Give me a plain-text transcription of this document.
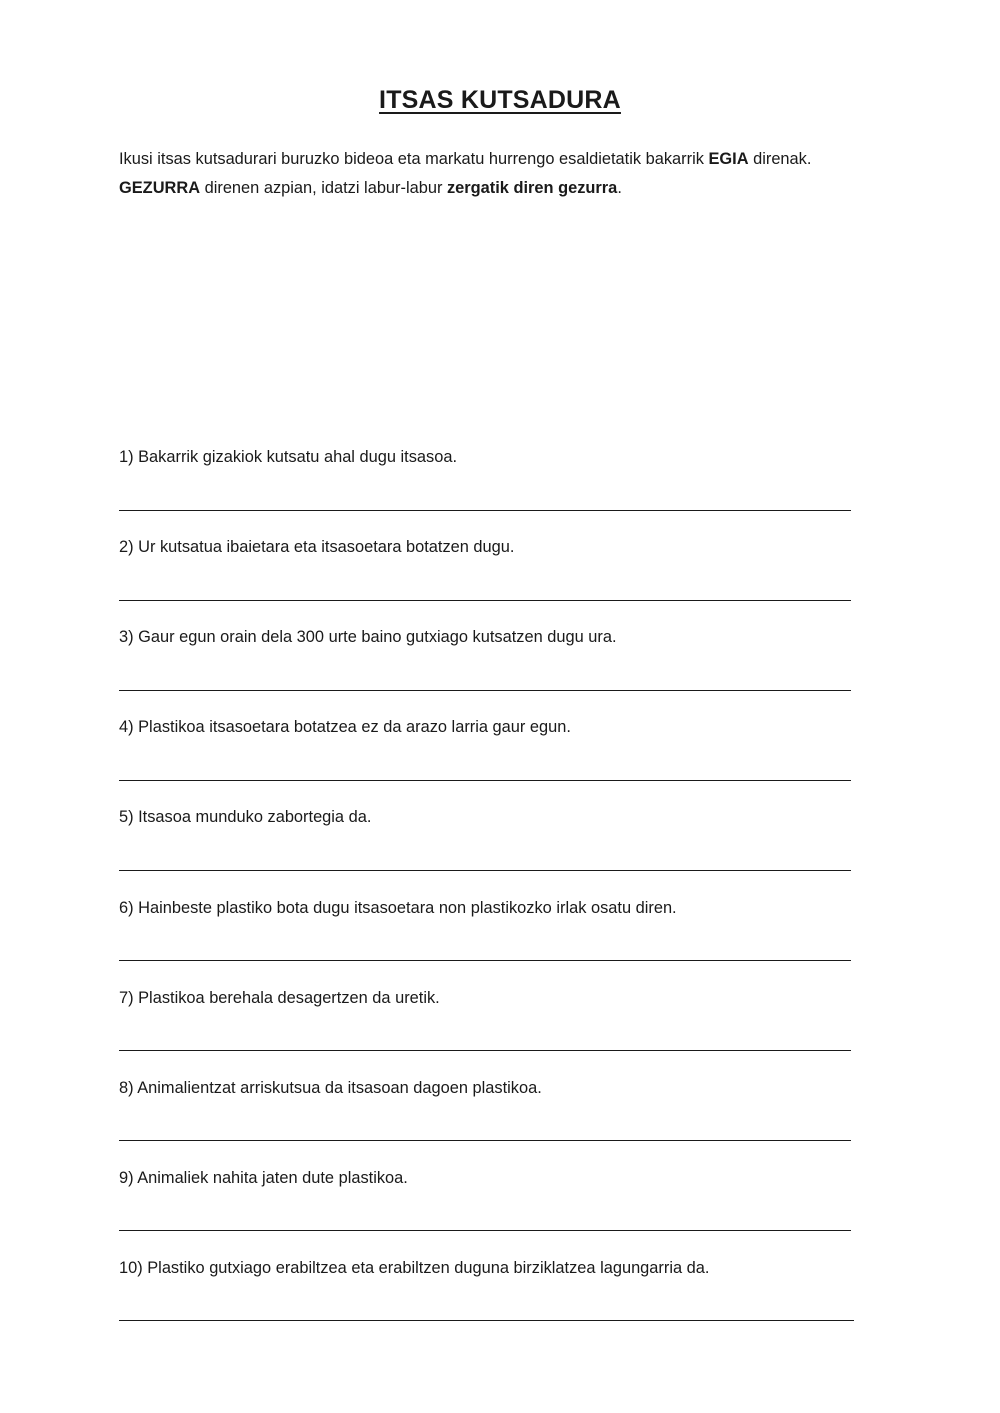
ITSAS KUTSADURA
Ikusi itsas kutsadurari buruzko bideoa eta markatu hurrengo esaldietatik bakarrik EGIA direnak. GEZURRA direnen azpian, idatzi labur-labur zergatik diren gezurra.
1) Bakarrik gizakiok kutsatu ahal dugu itsasoa.
2) Ur kutsatua ibaietara eta itsasoetara botatzen dugu.
3) Gaur egun orain dela 300 urte baino gutxiago kutsatzen dugu ura.
4) Plastikoa itsasoetara botatzea ez da arazo larria gaur egun.
5) Itsasoa munduko zabortegia da.
6) Hainbeste plastiko bota dugu itsasoetara non plastikozko irlak osatu diren.
7) Plastikoa berehala desagertzen da uretik.
8) Animalientzat arriskutsua da itsasoan dagoen plastikoa.
9) Animaliek nahita jaten dute plastikoa.
10) Plastiko gutxiago erabiltzea eta erabiltzen duguna birziklatzea lagungarria da.
